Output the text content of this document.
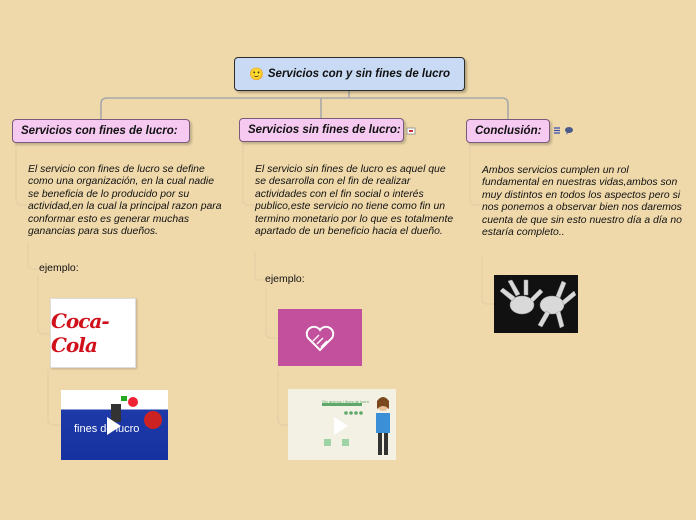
🙂 Servicios con y sin fines de lucro
Servicios con fines de lucro:	Servicios sin fines de lucro:	Conclusión:
El servicio con fines de lucro se define como una organización, en la cual nadie se beneficia de lo producido por su actividad,en la cual la principal razon para conformar esto es generar muchas ganancias para sus dueños.
El servicio sin fines de lucro es aquel que se desarrolla con el fin de realizar actividades con el fin social o interés publico,este servicio no tiene como fin un termino monetario por lo que es totalmente apartado de un beneficio hacia el dueño.
Ambos servicios cumplen un rol fundamental en nuestras vidas,ambos son muy distintos en todos los aspectos pero si nos ponemos a observar bien nos daremos cuenta de que sin esto nuestro día a día no estaría completo..
ejemplo:
ejemplo:
Coca-Cola
fines de lucro
Sin ánimos / fines de lucro
